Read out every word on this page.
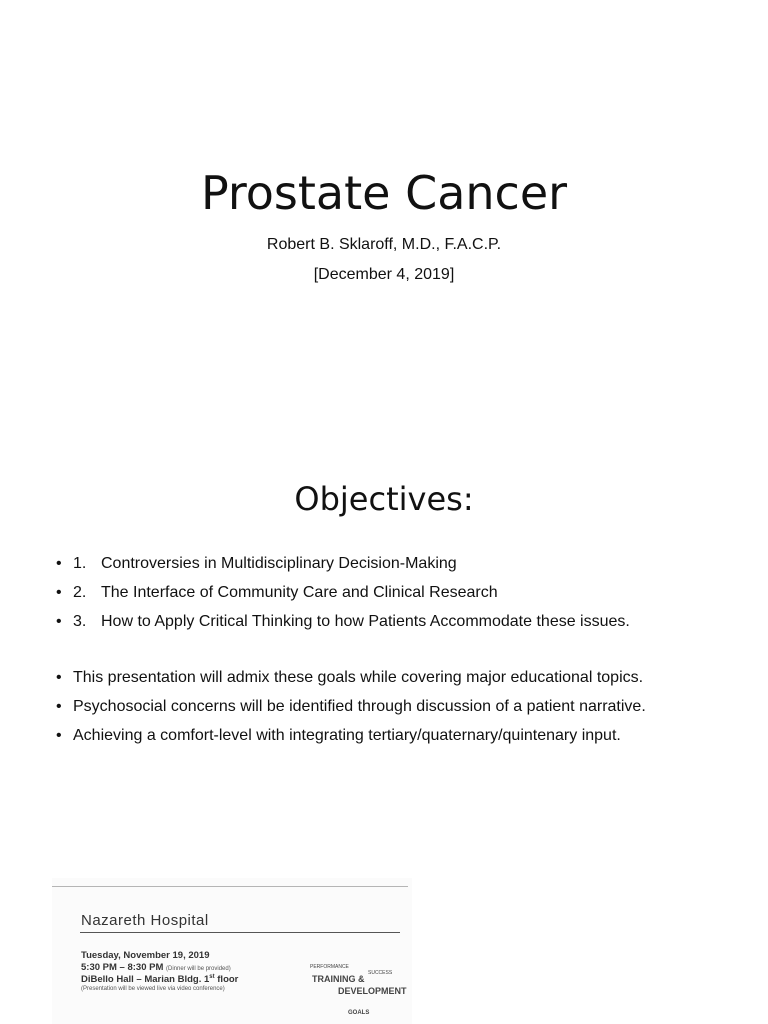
Prostate Cancer
Robert B. Sklaroff, M.D., F.A.C.P.
[December 4, 2019]
Objectives:
• 1. Controversies in Multidisciplinary Decision-Making
• 2. The Interface of Community Care and Clinical Research
• 3. How to Apply Critical Thinking to how Patients Accommodate these issues.
• This presentation will admix these goals while covering major educational topics.
• Psychosocial concerns will be identified through discussion of a patient narrative.
• Achieving a comfort-level with integrating tertiary/quaternary/quintenary input.
Nazareth Hospital
Tuesday, November 19, 2019
5:30 PM – 8:30 PM (Dinner will be provided)
DiBello Hall – Marian Bldg. 1st floor
(Presentation will be viewed live via video conference)
PERFORMANCE
SUCCESS
TRAINING &
DEVELOPMENT
GOALS
